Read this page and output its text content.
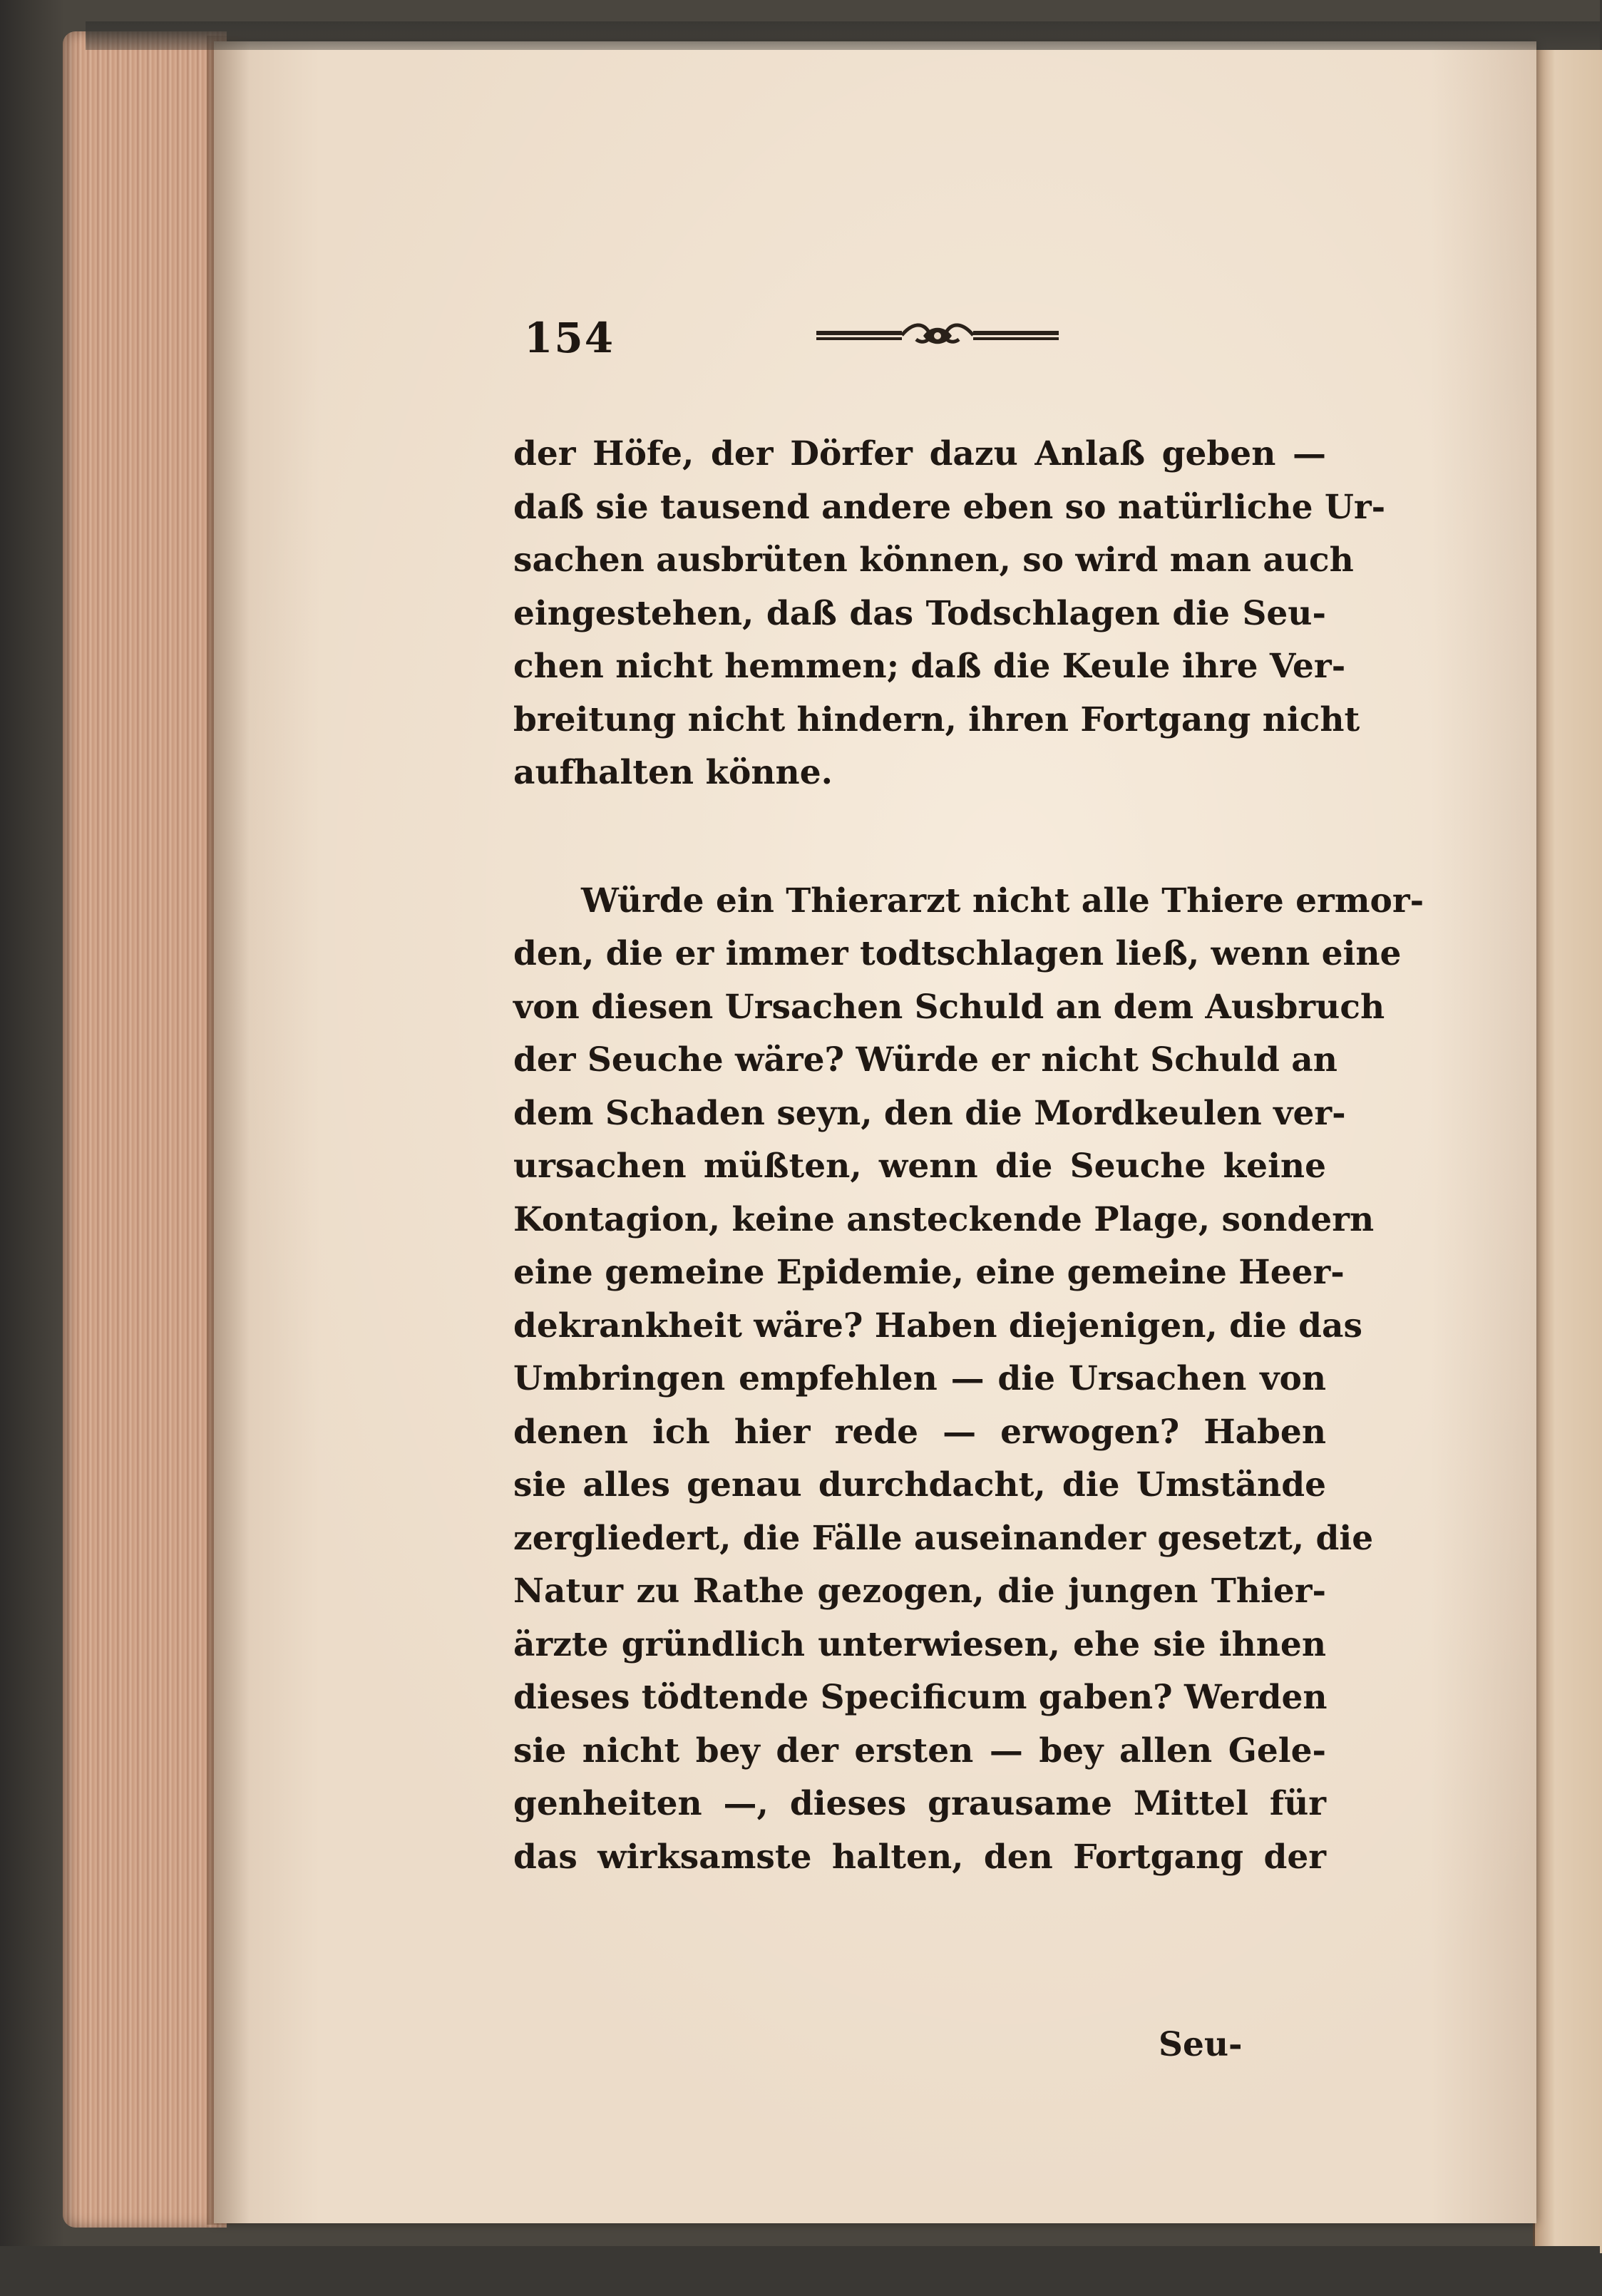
154
der Höfe, der Dörfer dazu Anlaß geben —
daß sie tausend andere eben so natürliche Ur-
sachen ausbrüten können, so wird man auch
eingestehen, daß das Todschlagen die Seu-
chen nicht hemmen; daß die Keule ihre Ver-
breitung nicht hindern, ihren Fortgang nicht
aufhalten könne.
Würde ein Thierarzt nicht alle Thiere ermor-
den, die er immer todtschlagen ließ, wenn eine
von diesen Ursachen Schuld an dem Ausbruch
der Seuche wäre? Würde er nicht Schuld an
dem Schaden seyn, den die Mordkeulen ver-
ursachen müßten, wenn die Seuche keine
Kontagion, keine ansteckende Plage, sondern
eine gemeine Epidemie, eine gemeine Heer-
dekrankheit wäre? Haben diejenigen, die das
Umbringen empfehlen — die Ursachen von
denen ich hier rede — erwogen? Haben
sie alles genau durchdacht, die Umstände
zergliedert, die Fälle auseinander gesetzt, die
Natur zu Rathe gezogen, die jungen Thier-
ärzte gründlich unterwiesen, ehe sie ihnen
dieses tödtende Specificum gaben? Werden
sie nicht bey der ersten — bey allen Gele-
genheiten —, dieses grausame Mittel für
das wirksamste halten, den Fortgang der
Seu-
